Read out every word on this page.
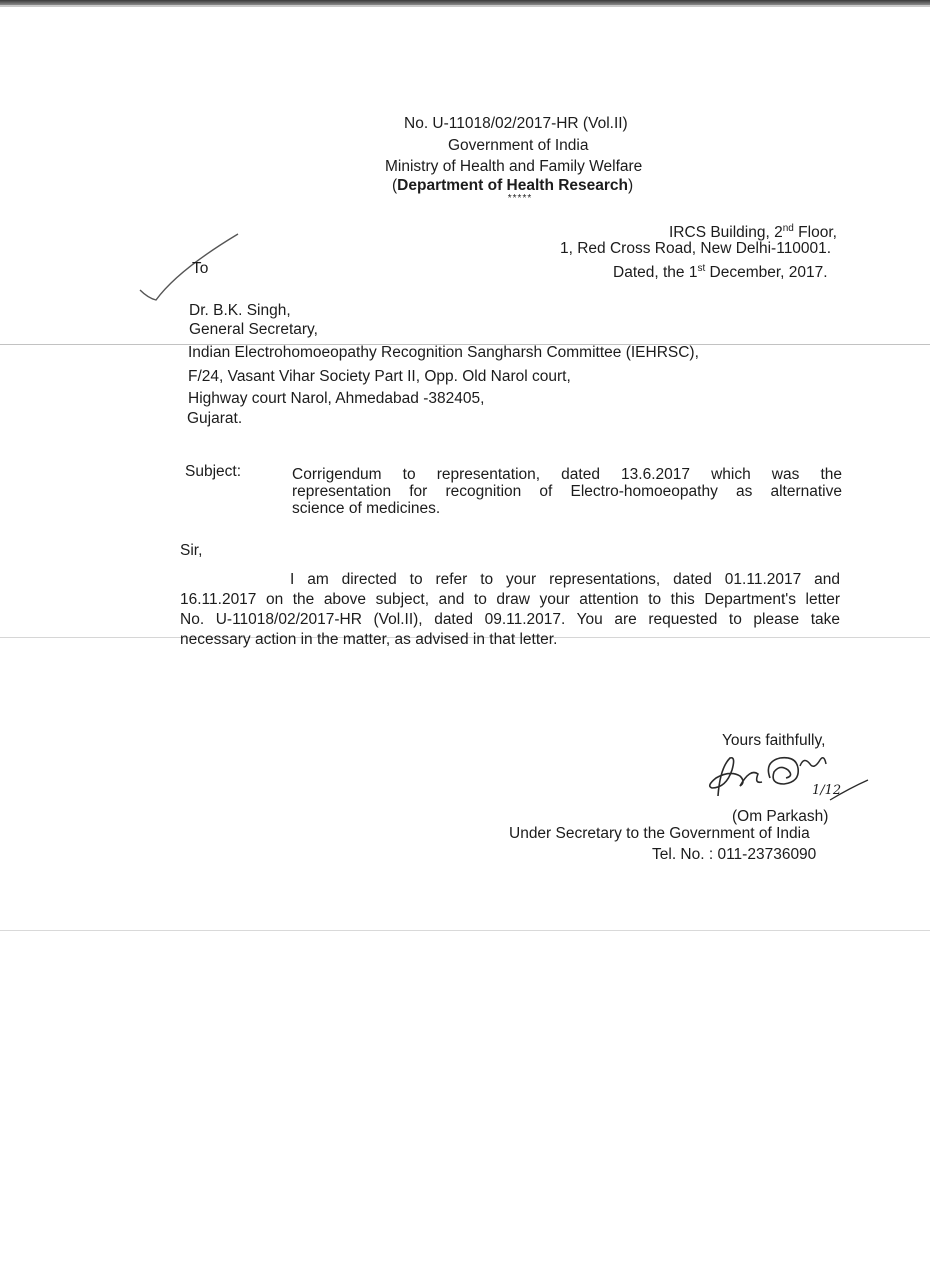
No. U-11018/02/2017-HR (Vol.II)
Government of India
Ministry of Health and Family Welfare
(Department of Health Research)
*****
IRCS Building, 2nd Floor,
1, Red Cross Road, New Delhi-110001.
Dated, the 1st December, 2017.
To
Dr. B.K. Singh,
General Secretary,
Indian Electrohomoeopathy Recognition Sangharsh Committee (IEHRSC),
F/24, Vasant Vihar Society Part II, Opp. Old Narol court,
Highway court Narol, Ahmedabad -382405,
Gujarat.
Subject:	Corrigendum to representation, dated 13.6.2017 which was the
representation for recognition of Electro-homoeopathy as alternative
science of medicines.
Sir,
I am directed to refer to your representations, dated 01.11.2017 and
16.11.2017 on the above subject, and to draw your attention to this Department's letter
No. U-11018/02/2017-HR (Vol.II), dated 09.11.2017. You are requested to please take
necessary action in the matter, as advised in that letter.
Yours faithfully,
1/12
(Om Parkash)
Under Secretary to the Government of India
Tel. No. : 011-23736090
